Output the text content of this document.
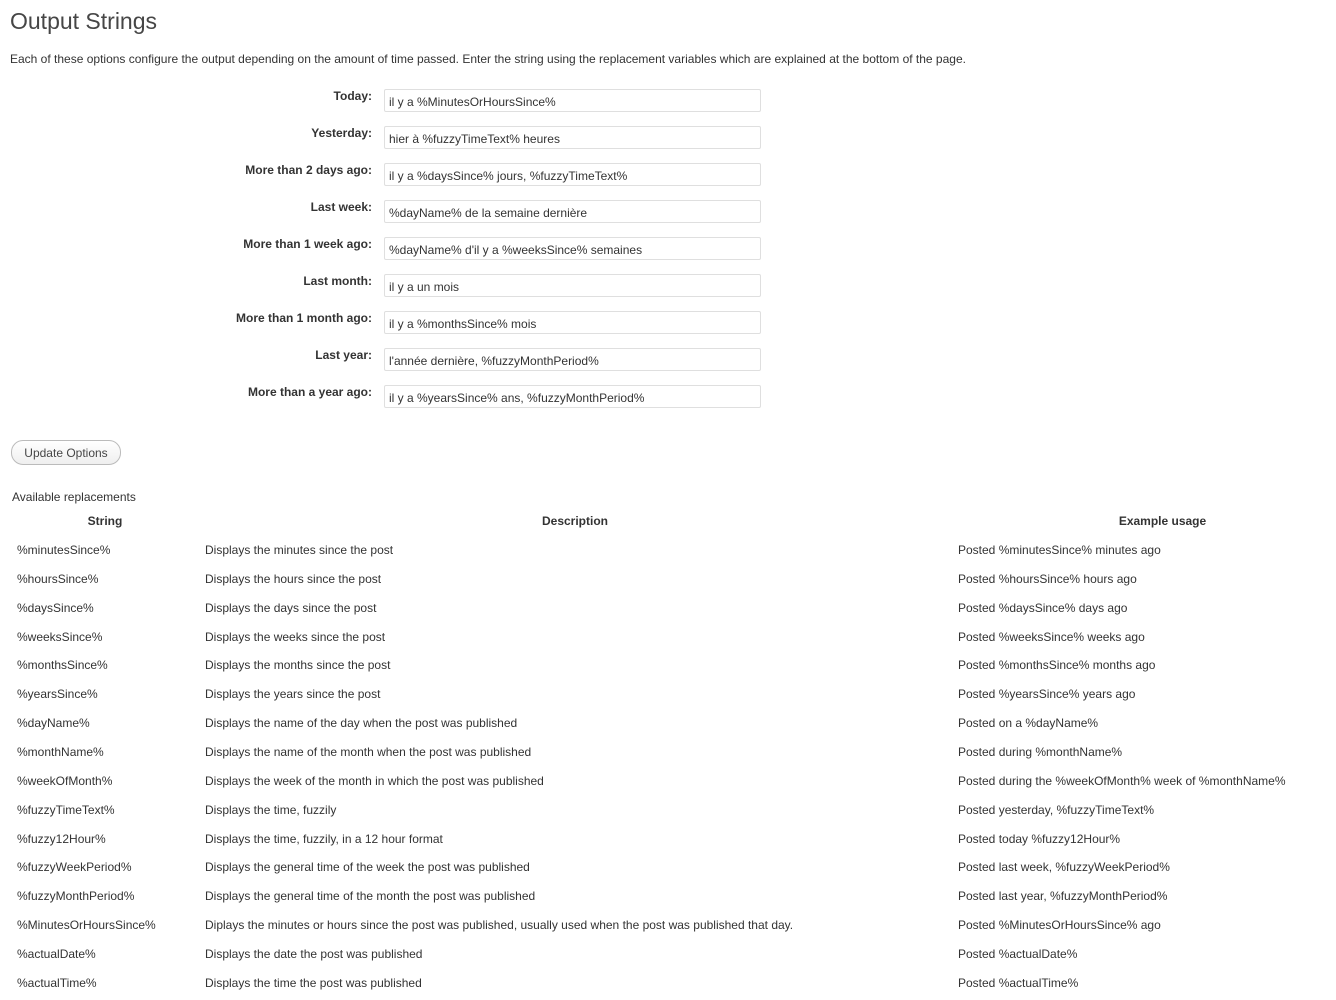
Output Strings
Each of these options configure the output depending on the amount of time passed. Enter the string using the replacement variables which are explained at the bottom of the page.
Today:
il y a %MinutesOrHoursSince%
Yesterday:
hier à %fuzzyTimeText% heures
More than 2 days ago:
il y a %daysSince% jours, %fuzzyTimeText%
Last week:
%dayName% de la semaine dernière
More than 1 week ago:
%dayName% d'il y a %weeksSince% semaines
Last month:
il y a un mois
More than 1 month ago:
il y a %monthsSince% mois
Last year:
l'année dernière, %fuzzyMonthPeriod%
More than a year ago:
il y a %yearsSince% ans, %fuzzyMonthPeriod%
Update Options
Available replacements
String	Description	Example usage
%minutesSince%	Displays the minutes since the post	Posted %minutesSince% minutes ago
%hoursSince%	Displays the hours since the post	Posted %hoursSince% hours ago
%daysSince%	Displays the days since the post	Posted %daysSince% days ago
%weeksSince%	Displays the weeks since the post	Posted %weeksSince% weeks ago
%monthsSince%	Displays the months since the post	Posted %monthsSince% months ago
%yearsSince%	Displays the years since the post	Posted %yearsSince% years ago
%dayName%	Displays the name of the day when the post was published	Posted on a %dayName%
%monthName%	Displays the name of the month when the post was published	Posted during %monthName%
%weekOfMonth%	Displays the week of the month in which the post was published	Posted during the %weekOfMonth% week of %monthName%
%fuzzyTimeText%	Displays the time, fuzzily	Posted yesterday, %fuzzyTimeText%
%fuzzy12Hour%	Displays the time, fuzzily, in a 12 hour format	Posted today %fuzzy12Hour%
%fuzzyWeekPeriod%	Displays the general time of the week the post was published	Posted last week, %fuzzyWeekPeriod%
%fuzzyMonthPeriod%	Displays the general time of the month the post was published	Posted last year, %fuzzyMonthPeriod%
%MinutesOrHoursSince%	Diplays the minutes or hours since the post was published, usually used when the post was published that day.	Posted %MinutesOrHoursSince% ago
%actualDate%	Displays the date the post was published	Posted %actualDate%
%actualTime%	Displays the time the post was published	Posted %actualTime%
